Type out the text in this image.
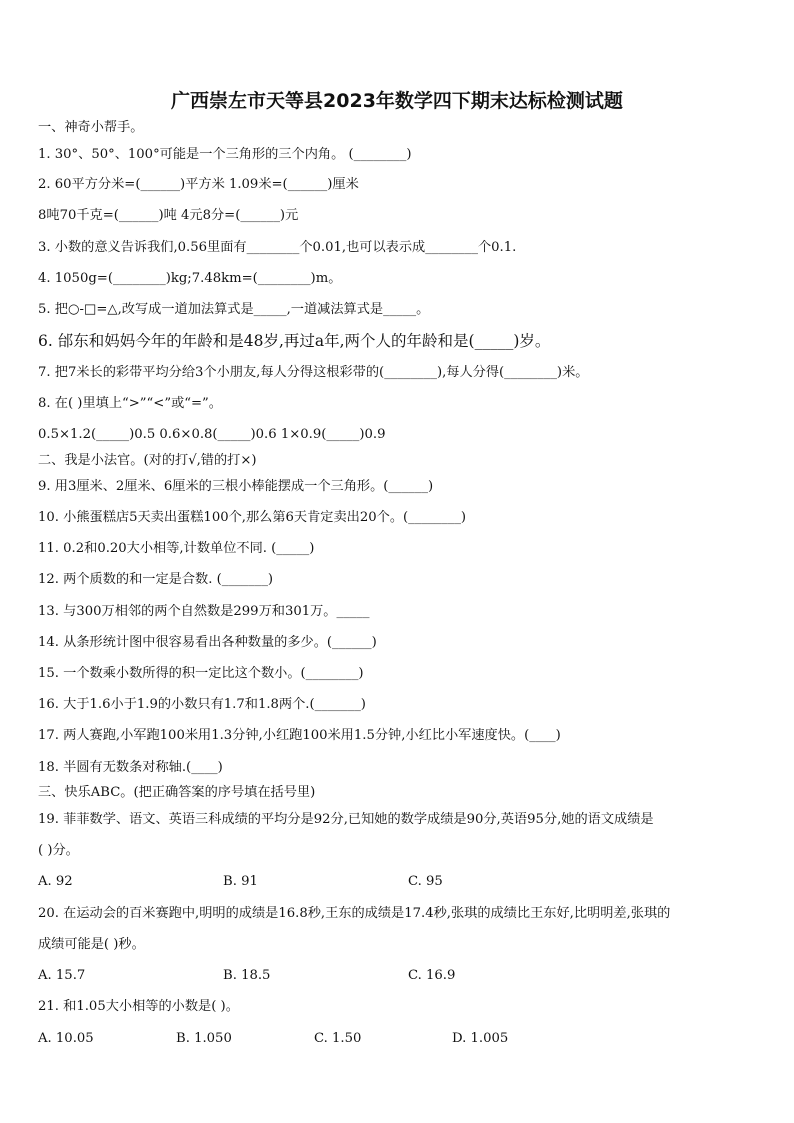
广西崇左市天等县2023年数学四下期末达标检测试题
一、神奇小帮手。
1. 30°、50°、100°可能是一个三角形的三个内角。 (________)
2. 60平方分米=(______)平方米 1.09米=(______)厘米
8吨70千克=(______)吨 4元8分=(______)元
3. 小数的意义告诉我们,0.56里面有________个0.01,也可以表示成________个0.1.
4. 1050g=(________)kg;7.48km=(________)m。
5. 把○-□=△,改写成一道加法算式是_____,一道减法算式是_____。
6. 邰东和妈妈今年的年龄和是48岁,再过a年,两个人的年龄和是(_____)岁。
7. 把7米长的彩带平均分给3个小朋友,每人分得这根彩带的(________),每人分得(________)米。
8. 在( )里填上“>”“<”或“=”。
0.5×1.2(_____)0.5 0.6×0.8(_____)0.6 1×0.9(_____)0.9
二、我是小法官。(对的打√,错的打×)
9. 用3厘米、2厘米、6厘米的三根小棒能摆成一个三角形。(______)
10. 小熊蛋糕店5天卖出蛋糕100个,那么第6天肯定卖出20个。(________)
11. 0.2和0.20大小相等,计数单位不同. (_____)
12. 两个质数的和一定是合数. (_______)
13. 与300万相邻的两个自然数是299万和301万。_____
14. 从条形统计图中很容易看出各种数量的多少。(______)
15. 一个数乘小数所得的积一定比这个数小。(________)
16. 大于1.6小于1.9的小数只有1.7和1.8两个.(_______)
17. 两人赛跑,小军跑100米用1.3分钟,小红跑100米用1.5分钟,小红比小军速度快。(____)
18. 半圆有无数条对称轴.(____)
三、快乐ABC。(把正确答案的序号填在括号里)
19. 菲菲数学、语文、英语三科成绩的平均分是92分,已知她的数学成绩是90分,英语95分,她的语文成绩是
( )分。
A. 92	B. 91	C. 95
20. 在运动会的百米赛跑中,明明的成绩是16.8秒,王东的成绩是17.4秒,张琪的成绩比王东好,比明明差,张琪的
成绩可能是( )秒。
A. 15.7	B. 18.5	C. 16.9
21. 和1.05大小相等的小数是( )。
A. 10.05	B. 1.050	C. 1.50	D. 1.005
